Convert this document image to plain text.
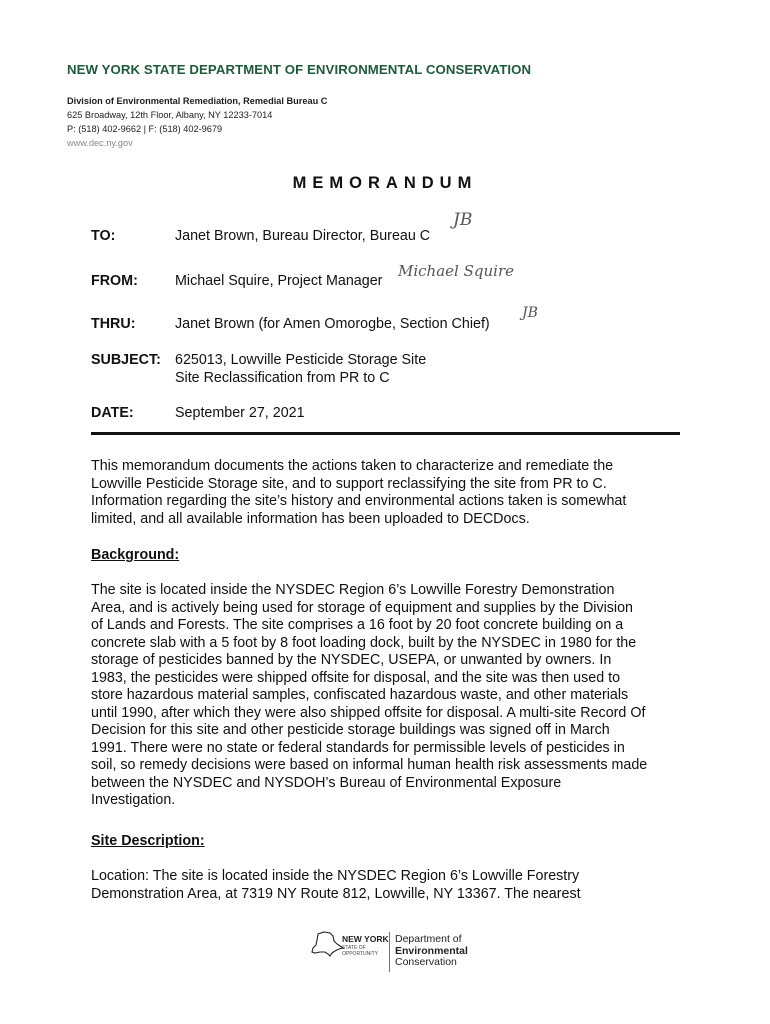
NEW YORK STATE DEPARTMENT OF ENVIRONMENTAL CONSERVATION
Division of Environmental Remediation, Remedial Bureau C
625 Broadway, 12th Floor, Albany, NY 12233-7014
P: (518) 402-9662 | F: (518) 402-9679
www.dec.ny.gov
MEMORANDUM
TO:	Janet Brown, Bureau Director, Bureau C
JB
FROM:	Michael Squire, Project Manager
Michael Squire
THRU:	Janet Brown (for Amen Omorogbe, Section Chief)
JB
SUBJECT: 625013, Lowville Pesticide Storage Site
Site Reclassification from PR to C
DATE:	September 27, 2021
This memorandum documents the actions taken to characterize and remediate the
Lowville Pesticide Storage site, and to support reclassifying the site from PR to C.
Information regarding the site’s history and environmental actions taken is somewhat
limited, and all available information has been uploaded to DECDocs.
Background:
The site is located inside the NYSDEC Region 6’s Lowville Forestry Demonstration
Area, and is actively being used for storage of equipment and supplies by the Division
of Lands and Forests. The site comprises a 16 foot by 20 foot concrete building on a
concrete slab with a 5 foot by 8 foot loading dock, built by the NYSDEC in 1980 for the
storage of pesticides banned by the NYSDEC, USEPA, or unwanted by owners. In
1983, the pesticides were shipped offsite for disposal, and the site was then used to
store hazardous material samples, confiscated hazardous waste, and other materials
until 1990, after which they were also shipped offsite for disposal. A multi-site Record Of
Decision for this site and other pesticide storage buildings was signed off in March
1991. There were no state or federal standards for permissible levels of pesticides in
soil, so remedy decisions were based on informal human health risk assessments made
between the NYSDEC and NYSDOH’s Bureau of Environmental Exposure
Investigation.
Site Description:
Location: The site is located inside the NYSDEC Region 6’s Lowville Forestry
Demonstration Area, at 7319 NY Route 812, Lowville, NY 13367. The nearest
NEW YORK
STATE OF
OPPORTUNITY
Department of
Environmental
Conservation
